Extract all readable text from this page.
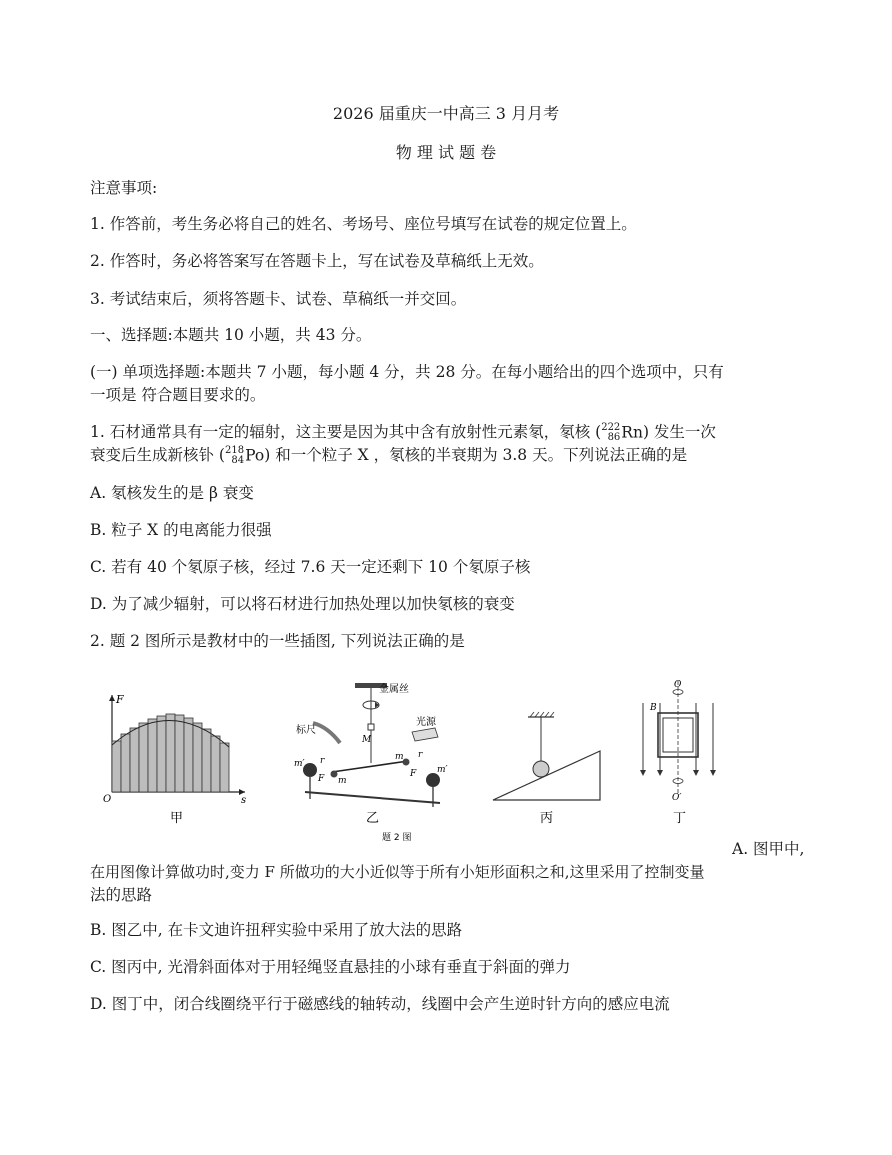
2026 届重庆一中高三 3 月月考
物 理 试 题 卷
注意事项:
1. 作答前，考生务必将自己的姓名、考场号、座位号填写在试卷的规定位置上。
2. 作答时，务必将答案写在答题卡上，写在试卷及草稿纸上无效。
3. 考试结束后，须将答题卡、试卷、草稿纸一并交回。
一、选择题:本题共 10 小题，共 43 分。
(一) 单项选择题:本题共 7 小题，每小题 4 分，共 28 分。在每小题给出的四个选项中，只有
一项是 符合题目要求的。
1. 石材通常具有一定的辐射，这主要是因为其中含有放射性元素氡，氡核 ( 222
86 Rn) 发生一次
衰变后生成新核钋 ( 218
84 Po) 和一个粒子 X ，氡核的半衰期为 3.8 天。下列说法正确的是
A. 氡核发生的是 β 衰变
B. 粒子 X 的电离能力很强
C. 若有 40 个氡原子核，经过 7.6 天一定还剩下 10 个氡原子核
D. 为了减少辐射，可以将石材进行加热处理以加快氡核的衰变
2. 题 2 图所示是教材中的一些插图, 下列说法正确的是
F
s
O
甲
金属丝
M
标尺
光源
m′
m′
m
m
F	F
r
r
乙
题 2 图
丙
O
O′
B
丁
A. 图甲中,
在用图像计算做功时,变力 F 所做功的大小近似等于所有小矩形面积之和,这里采用了控制变量
法的思路
B. 图乙中, 在卡文迪许扭秤实验中采用了放大法的思路
C. 图丙中, 光滑斜面体对于用轻绳竖直悬挂的小球有垂直于斜面的弹力
D. 图丁中，闭合线圈绕平行于磁感线的轴转动，线圈中会产生逆时针方向的感应电流
